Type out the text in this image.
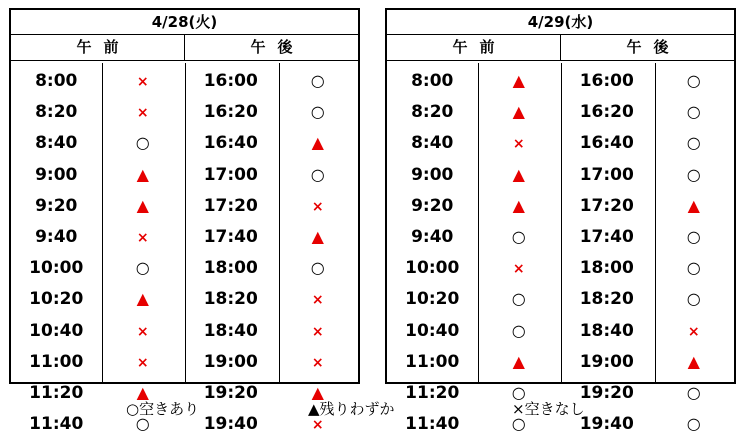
4/28(火)
午前	午後
8:00	×	16:00	○
8:20	×	16:20	○
8:40	○	16:40	▲
9:00	▲	17:00	○
9:20	▲	17:20	×
9:40	×	17:40	▲
10:00	○	18:00	○
10:20	▲	18:20	×
10:40	×	18:40	×
11:00	×	19:00	×
11:20	▲	19:20	▲
11:40	○	19:40	×
4/29(水)
午前	午後
8:00	▲	16:00	○
8:20	▲	16:20	○
8:40	×	16:40	○
9:00	▲	17:00	○
9:20	▲	17:20	▲
9:40	○	17:40	○
10:00	×	18:00	○
10:20	○	18:20	○
10:40	○	18:40	×
11:00	▲	19:00	▲
11:20	○	19:20	○
11:40	○	19:40	○
○空きあり	▲残りわずか	×空きなし
